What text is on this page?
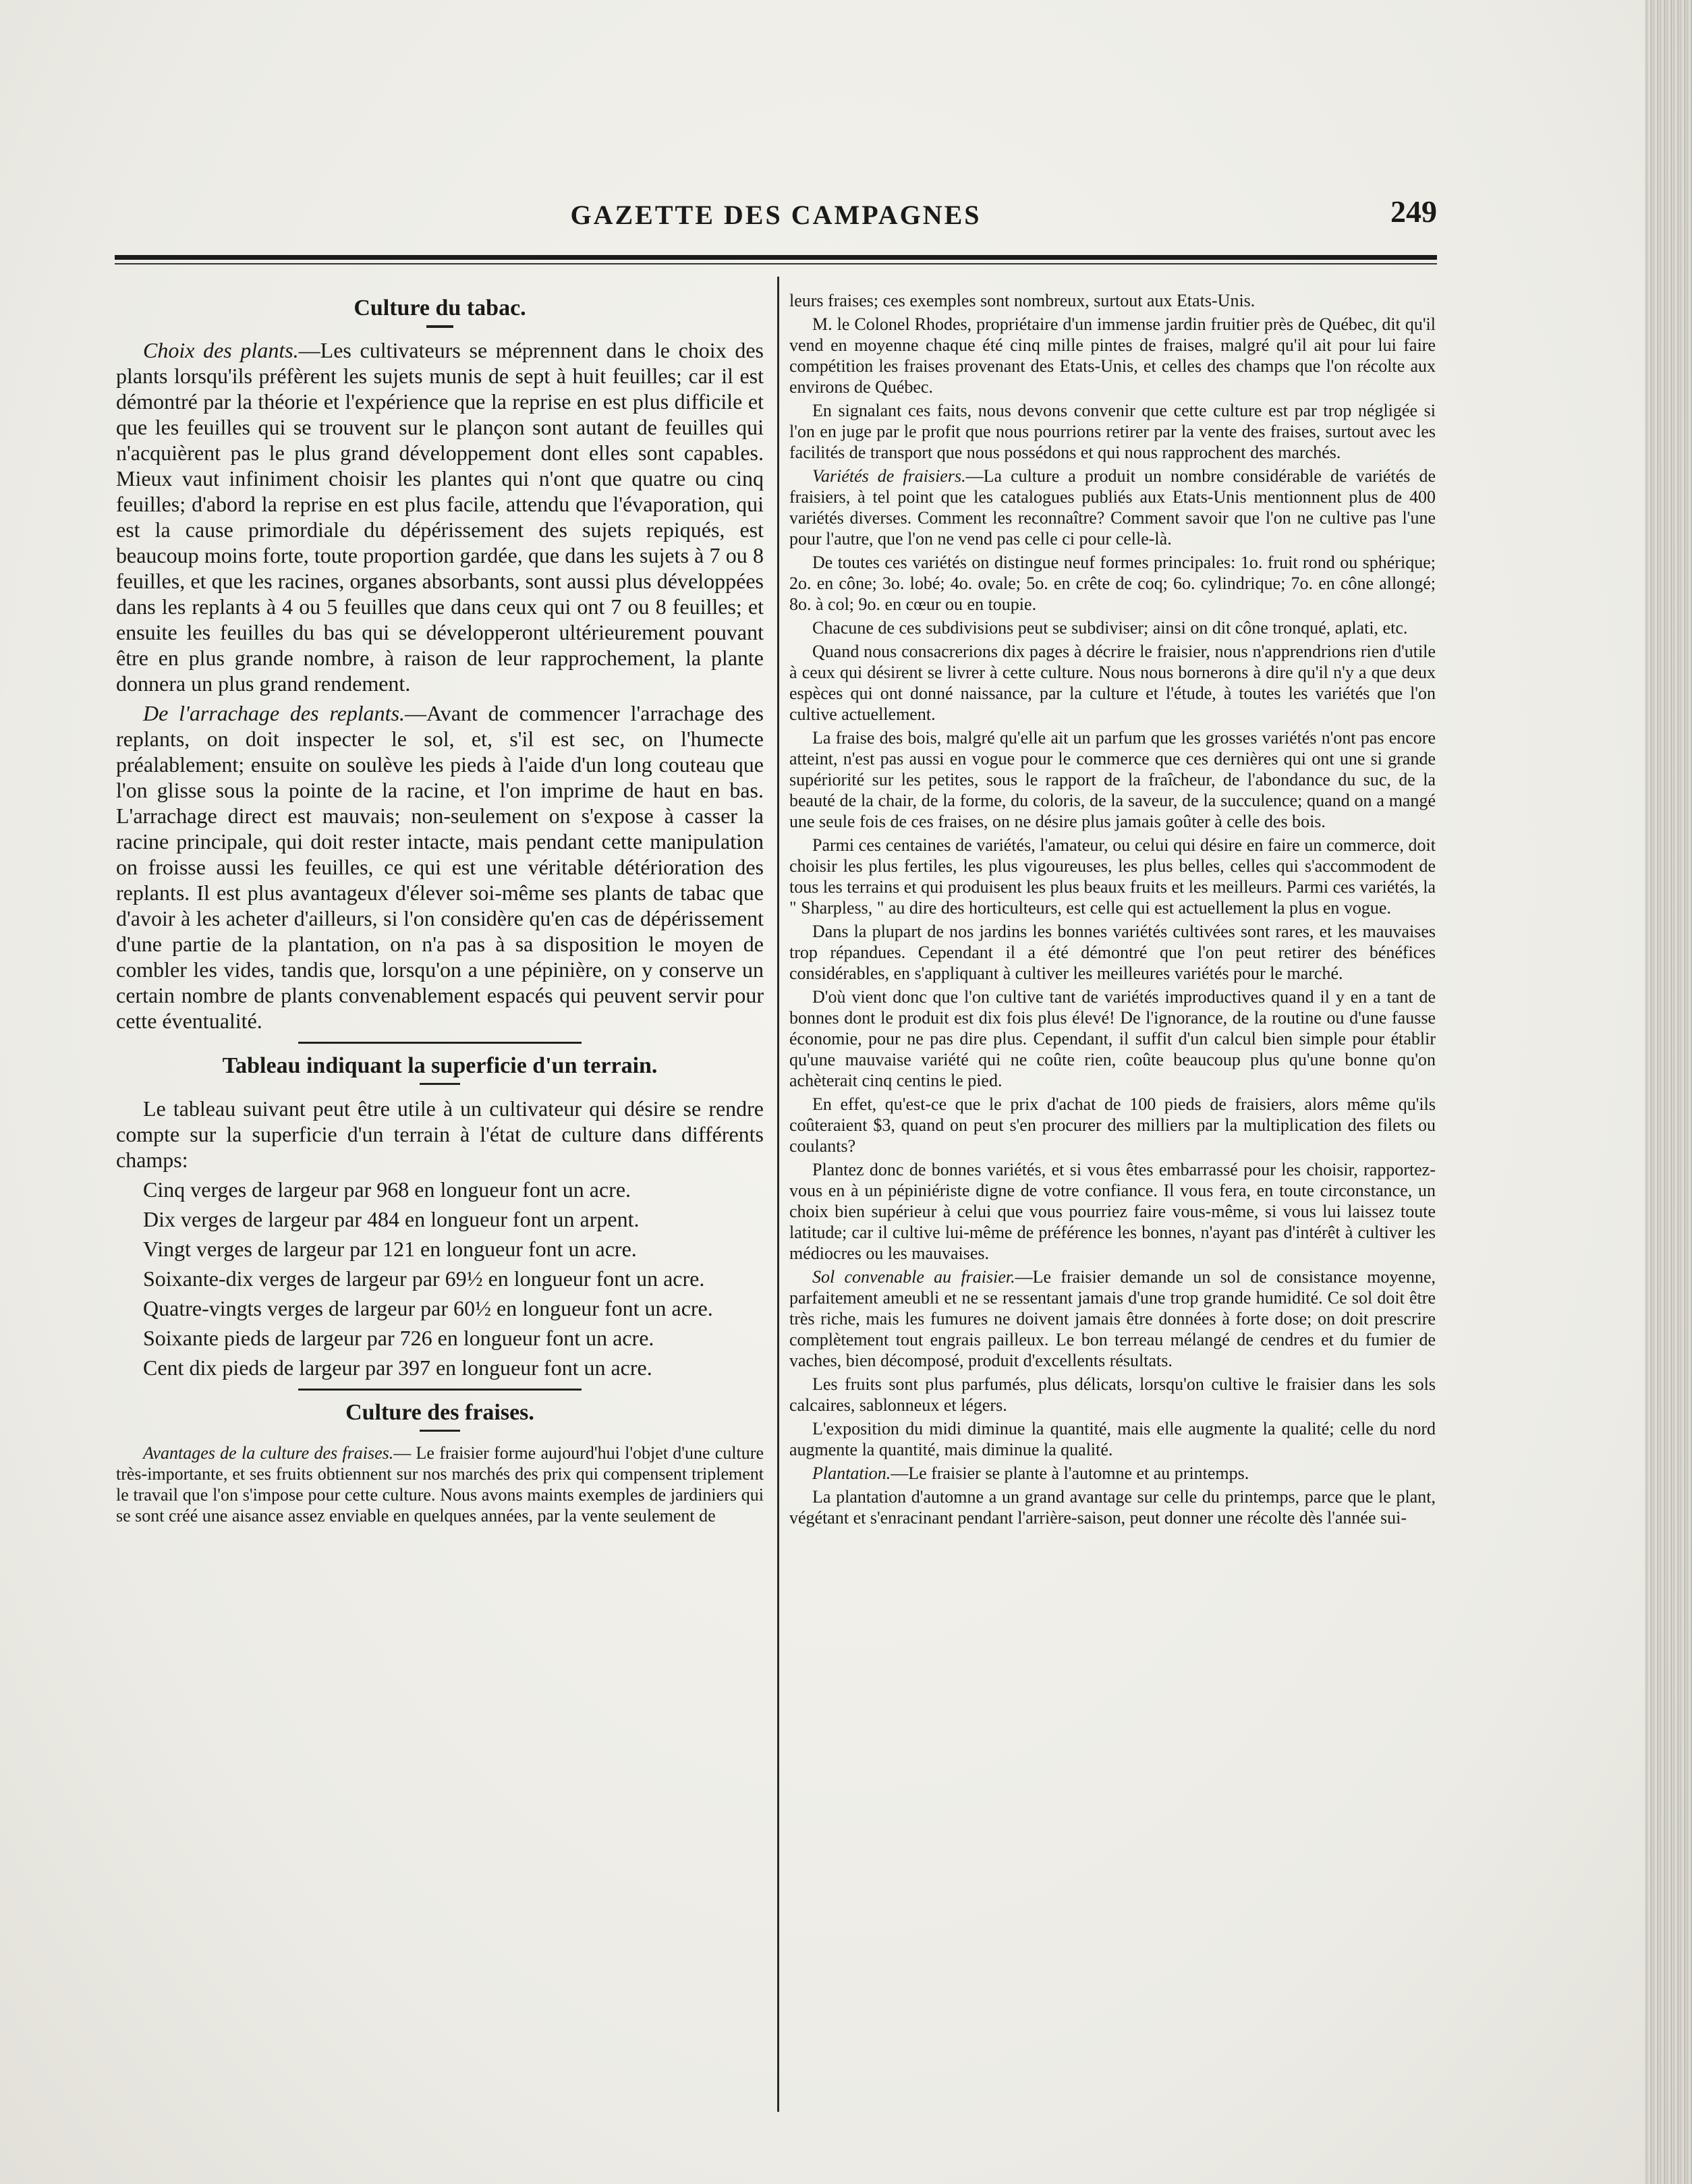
GAZETTE DES CAMPAGNES	249
Culture du tabac.

Choix des plants.—Les cultivateurs se méprennent dans le choix des plants lorsqu'ils préfèrent les sujets munis de sept à huit feuilles; car il est démontré par la théorie et l'expérience que la reprise en est plus difficile et que les feuilles qui se trouvent sur le plançon sont autant de feuilles qui n'acquièrent pas le plus grand développement dont elles sont capables. Mieux vaut infiniment choisir les plantes qui n'ont que quatre ou cinq feuilles; d'abord la reprise en est plus facile, attendu que l'évaporation, qui est la cause primordiale du dépérissement des sujets repiqués, est beaucoup moins forte, toute proportion gardée, que dans les sujets à 7 ou 8 feuilles, et que les racines, organes absorbants, sont aussi plus développées dans les replants à 4 ou 5 feuilles que dans ceux qui ont 7 ou 8 feuilles; et ensuite les feuilles du bas qui se développeront ultérieurement pouvant être en plus grande nombre, à raison de leur rapprochement, la plante donnera un plus grand rendement.

De l'arrachage des replants.—Avant de commencer l'arrachage des replants, on doit inspecter le sol, et, s'il est sec, on l'humecte préalablement; ensuite on soulève les pieds à l'aide d'un long couteau que l'on glisse sous la pointe de la racine, et l'on imprime de haut en bas. L'arrachage direct est mauvais; non-seulement on s'expose à casser la racine principale, qui doit rester intacte, mais pendant cette manipulation on froisse aussi les feuilles, ce qui est une véritable détérioration des replants. Il est plus avantageux d'élever soi-même ses plants de tabac que d'avoir à les acheter d'ailleurs, si l'on considère qu'en cas de dépérissement d'une partie de la plantation, on n'a pas à sa disposition le moyen de combler les vides, tandis que, lorsqu'on a une pépinière, on y conserve un certain nombre de plants convenablement espacés qui peuvent servir pour cette éventualité.

Tableau indiquant la superficie d'un terrain.

Le tableau suivant peut être utile à un cultivateur qui désire se rendre compte sur la superficie d'un terrain à l'état de culture dans différents champs:

Cinq verges de largeur par 968 en longueur font un acre.

Dix verges de largeur par 484 en longueur font un arpent.

Vingt verges de largeur par 121 en longueur font un acre.

Soixante-dix verges de largeur par 69½ en longueur font un acre.

Quatre-vingts verges de largeur par 60½ en longueur font un acre.

Soixante pieds de largeur par 726 en longueur font un acre.

Cent dix pieds de largeur par 397 en longueur font un acre.

Culture des fraises.

Avantages de la culture des fraises.— Le fraisier forme aujourd'hui l'objet d'une culture très-importante, et ses fruits obtiennent sur nos marchés des prix qui compensent triplement le travail que l'on s'impose pour cette culture. Nous avons maints exemples de jardiniers qui se sont créé une aisance assez enviable en quelques années, par la vente seulement de

leurs fraises; ces exemples sont nombreux, surtout aux Etats-Unis.

M. le Colonel Rhodes, propriétaire d'un immense jardin fruitier près de Québec, dit qu'il vend en moyenne chaque été cinq mille pintes de fraises, malgré qu'il ait pour lui faire compétition les fraises provenant des Etats-Unis, et celles des champs que l'on récolte aux environs de Québec.

En signalant ces faits, nous devons convenir que cette culture est par trop négligée si l'on en juge par le profit que nous pourrions retirer par la vente des fraises, surtout avec les facilités de transport que nous possédons et qui nous rapprochent des marchés.

Variétés de fraisiers.—La culture a produit un nombre considérable de variétés de fraisiers, à tel point que les catalogues publiés aux Etats-Unis mentionnent plus de 400 variétés diverses. Comment les reconnaître? Comment savoir que l'on ne cultive pas l'une pour l'autre, que l'on ne vend pas celle ci pour celle-là.

De toutes ces variétés on distingue neuf formes principales: 1o. fruit rond ou sphérique; 2o. en cône; 3o. lobé; 4o. ovale; 5o. en crête de coq; 6o. cylindrique; 7o. en cône allongé; 8o. à col; 9o. en cœur ou en toupie.

Chacune de ces subdivisions peut se subdiviser; ainsi on dit cône tronqué, aplati, etc.

Quand nous consacrerions dix pages à décrire le fraisier, nous n'apprendrions rien d'utile à ceux qui désirent se livrer à cette culture. Nous nous bornerons à dire qu'il n'y a que deux espèces qui ont donné naissance, par la culture et l'étude, à toutes les variétés que l'on cultive actuellement.

La fraise des bois, malgré qu'elle ait un parfum que les grosses variétés n'ont pas encore atteint, n'est pas aussi en vogue pour le commerce que ces dernières qui ont une si grande supériorité sur les petites, sous le rapport de la fraîcheur, de l'abondance du suc, de la beauté de la chair, de la forme, du coloris, de la saveur, de la succulence; quand on a mangé une seule fois de ces fraises, on ne désire plus jamais goûter à celle des bois.

Parmi ces centaines de variétés, l'amateur, ou celui qui désire en faire un commerce, doit choisir les plus fertiles, les plus vigoureuses, les plus belles, celles qui s'accommodent de tous les terrains et qui produisent les plus beaux fruits et les meilleurs. Parmi ces variétés, la " Sharpless, " au dire des horticulteurs, est celle qui est actuellement la plus en vogue.

Dans la plupart de nos jardins les bonnes variétés cultivées sont rares, et les mauvaises trop répandues. Cependant il a été démontré que l'on peut retirer des bénéfices considérables, en s'appliquant à cultiver les meilleures variétés pour le marché.

D'où vient donc que l'on cultive tant de variétés improductives quand il y en a tant de bonnes dont le produit est dix fois plus élevé! De l'ignorance, de la routine ou d'une fausse économie, pour ne pas dire plus. Cependant, il suffit d'un calcul bien simple pour établir qu'une mauvaise variété qui ne coûte rien, coûte beaucoup plus qu'une bonne qu'on achèterait cinq centins le pied.

En effet, qu'est-ce que le prix d'achat de 100 pieds de fraisiers, alors même qu'ils coûteraient $3, quand on peut s'en procurer des milliers par la multiplication des filets ou coulants?

Plantez donc de bonnes variétés, et si vous êtes embarrassé pour les choisir, rapportez-vous en à un pépiniériste digne de votre confiance. Il vous fera, en toute circonstance, un choix bien supérieur à celui que vous pourriez faire vous-même, si vous lui laissez toute latitude; car il cultive lui-même de préférence les bonnes, n'ayant pas d'intérêt à cultiver les médiocres ou les mauvaises.

Sol convenable au fraisier.—Le fraisier demande un sol de consistance moyenne, parfaitement ameubli et ne se ressentant jamais d'une trop grande humidité. Ce sol doit être très riche, mais les fumures ne doivent jamais être données à forte dose; on doit prescrire complètement tout engrais pailleux. Le bon terreau mélangé de cendres et du fumier de vaches, bien décomposé, produit d'excellents résultats.

Les fruits sont plus parfumés, plus délicats, lorsqu'on cultive le fraisier dans les sols calcaires, sablonneux et légers.

L'exposition du midi diminue la quantité, mais elle augmente la qualité; celle du nord augmente la quantité, mais diminue la qualité.

Plantation.—Le fraisier se plante à l'automne et au printemps.

La plantation d'automne a un grand avantage sur celle du printemps, parce que le plant, végétant et s'enracinant pendant l'arrière-saison, peut donner une récolte dès l'année sui-
